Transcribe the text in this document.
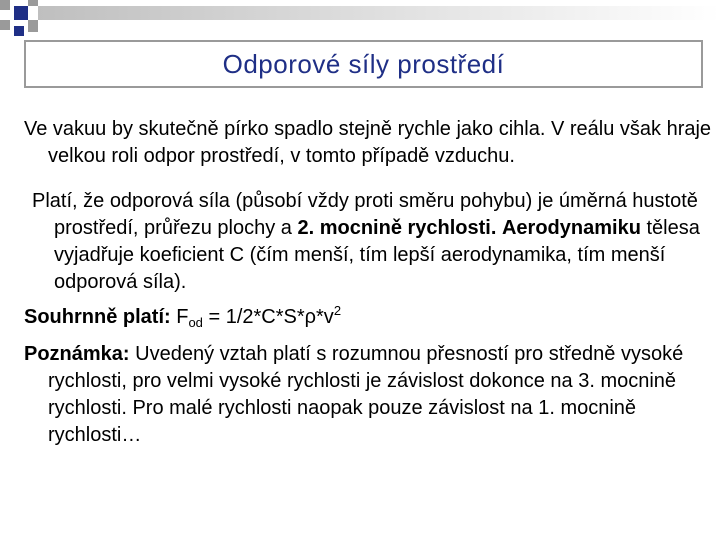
Odporové síly prostředí

Ve vakuu by skutečně pírko spadlo stejně rychle jako cihla. V reálu však hraje velkou roli odpor prostředí, v tomto případě vzduchu.

Platí, že odporová síla (působí vždy proti směru pohybu) je úměrná hustotě prostředí, průřezu plochy a 2. mocnině rychlosti. Aerodynamiku tělesa vyjadřuje koeficient C (čím menší, tím lepší aerodynamika, tím menší odporová síla).

Souhrnně platí: $F_{od} = 1/2*C*S*\rho*v^2$

Poznámka: Uvedený vztah platí s rozumnou přesností pro středně vysoké rychlosti, pro velmi vysoké rychlosti je závislost dokonce na 3. mocnině rychlosti. Pro malé rychlosti naopak pouze závislost na 1. mocnině rychlosti…
